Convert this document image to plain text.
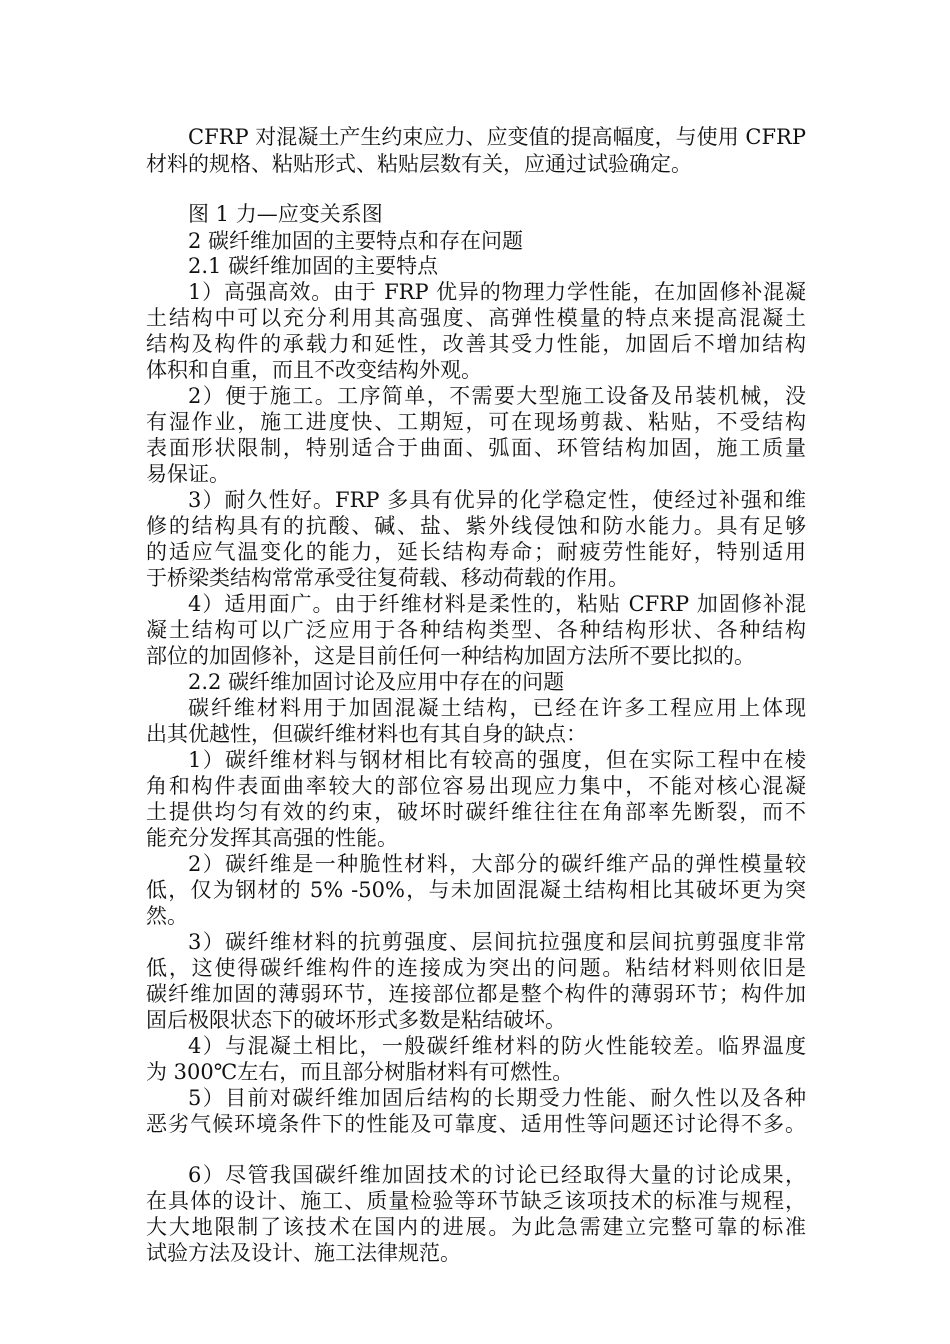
CFRP 对混凝土产生约束应力、应变值的提高幅度，与使用 CFRP
材料的规格、粘贴形式、粘贴层数有关，应通过试验确定。
图 1 力—应变关系图
2 碳纤维加固的主要特点和存在问题
2.1 碳纤维加固的主要特点
1）高强高效。由于 FRP 优异的物理力学性能，在加固修补混凝
土结构中可以充分利用其高强度、高弹性模量的特点来提高混凝土
结构及构件的承载力和延性，改善其受力性能，加固后不增加结构
体积和自重，而且不改变结构外观。
2）便于施工。工序简单，不需要大型施工设备及吊装机械，没
有湿作业，施工进度快、工期短，可在现场剪裁、粘贴，不受结构
表面形状限制，特别适合于曲面、弧面、环管结构加固，施工质量
易保证。
3）耐久性好。FRP 多具有优异的化学稳定性，使经过补强和维
修的结构具有的抗酸、碱、盐、紫外线侵蚀和防水能力。具有足够
的适应气温变化的能力，延长结构寿命；耐疲劳性能好，特别适用
于桥梁类结构常常承受往复荷载、移动荷载的作用。
4）适用面广。由于纤维材料是柔性的，粘贴 CFRP 加固修补混
凝土结构可以广泛应用于各种结构类型、各种结构形状、各种结构
部位的加固修补，这是目前任何一种结构加固方法所不要比拟的。
2.2 碳纤维加固讨论及应用中存在的问题
碳纤维材料用于加固混凝土结构，已经在许多工程应用上体现
出其优越性，但碳纤维材料也有其自身的缺点：
1）碳纤维材料与钢材相比有较高的强度，但在实际工程中在棱
角和构件表面曲率较大的部位容易出现应力集中，不能对核心混凝
土提供均匀有效的约束，破坏时碳纤维往往在角部率先断裂，而不
能充分发挥其高强的性能。
2）碳纤维是一种脆性材料，大部分的碳纤维产品的弹性模量较
低，仅为钢材的 5% -50%，与未加固混凝土结构相比其破坏更为突
然。
3）碳纤维材料的抗剪强度、层间抗拉强度和层间抗剪强度非常
低，这使得碳纤维构件的连接成为突出的问题。粘结材料则依旧是
碳纤维加固的薄弱环节，连接部位都是整个构件的薄弱环节；构件加
固后极限状态下的破坏形式多数是粘结破坏。
4）与混凝土相比，一般碳纤维材料的防火性能较差。临界温度
为 300℃左右，而且部分树脂材料有可燃性。
5）目前对碳纤维加固后结构的长期受力性能、耐久性以及各种
恶劣气候环境条件下的性能及可靠度、适用性等问题还讨论得不多。
6）尽管我国碳纤维加固技术的讨论已经取得大量的讨论成果，
在具体的设计、施工、质量检验等环节缺乏该项技术的标准与规程，
大大地限制了该技术在国内的进展。为此急需建立完整可靠的标准
试验方法及设计、施工法律规范。
